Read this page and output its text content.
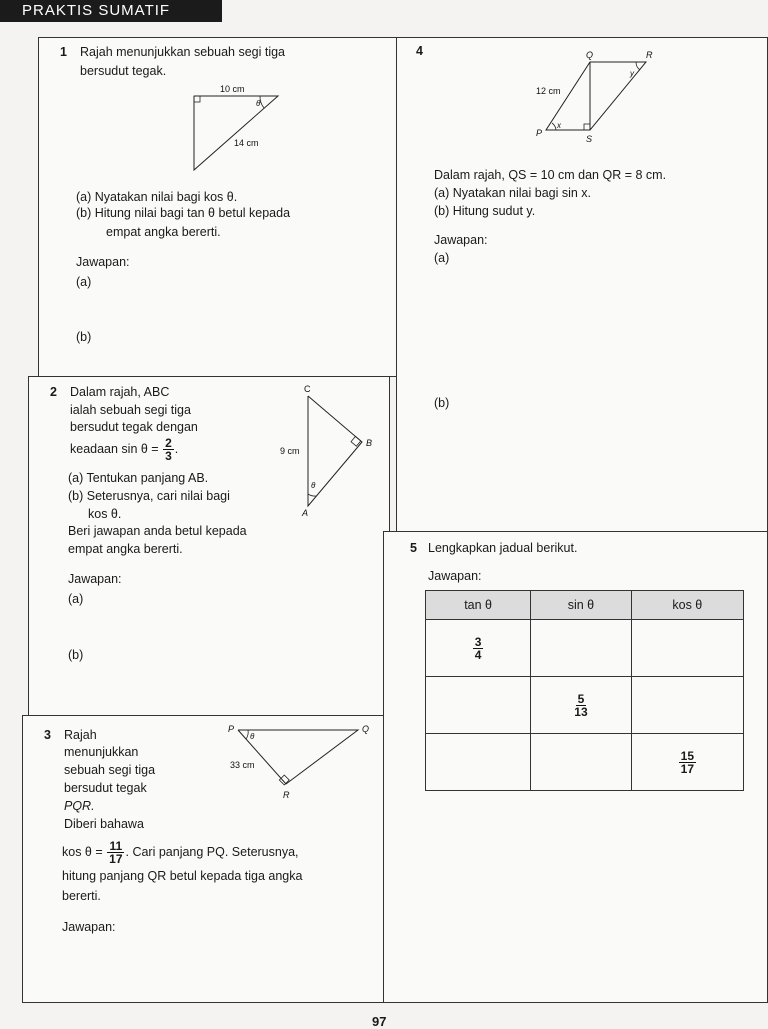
PRAKTIS SUMATIF
1 Rajah menunjukkan sebuah segi tiga
bersudut tegak.
10 cm
θ
14 cm
(a) Nyatakan nilai bagi kos θ.
(b) Hitung nilai bagi tan θ betul kepada
empat angka bererti.
Jawapan:
(a)
(b)
2 Dalam rajah, ABC
ialah sebuah segi tiga
bersudut tegak dengan
keadaan $\sin \theta = \frac{2}{3}$ .
(a) Tentukan panjang AB.
(b) Seterusnya, cari nilai bagi
kos θ.
Beri jawapan anda betul kepada
empat angka bererti.
Jawapan:
(a)
(b)
C
B
A
9 cm
θ
3 Rajah
menunjukkan
sebuah segi tiga
bersudut tegak
PQR.
Diberi bahawa
kos $\theta = \frac{11}{17}$ . Cari panjang PQ. Seterusnya,
hitung panjang QR betul kepada tiga angka
bererti.
Jawapan:
P	Q
R
33 cm
θ
4	Q	R
P
S
12 cm
x
y
Dalam rajah, QS = 10 cm dan QR = 8 cm.
(a) Nyatakan nilai bagi sin x.
(b) Hitung sudut y.
Jawapan:
(a)
(b)
5 Lengkapkan jadual berikut.
Jawapan:
tan θ	sin θ	kos θ

$\frac{3}{4}$

	$\frac{5}{13}$

		$\frac{15}{17}$
97
